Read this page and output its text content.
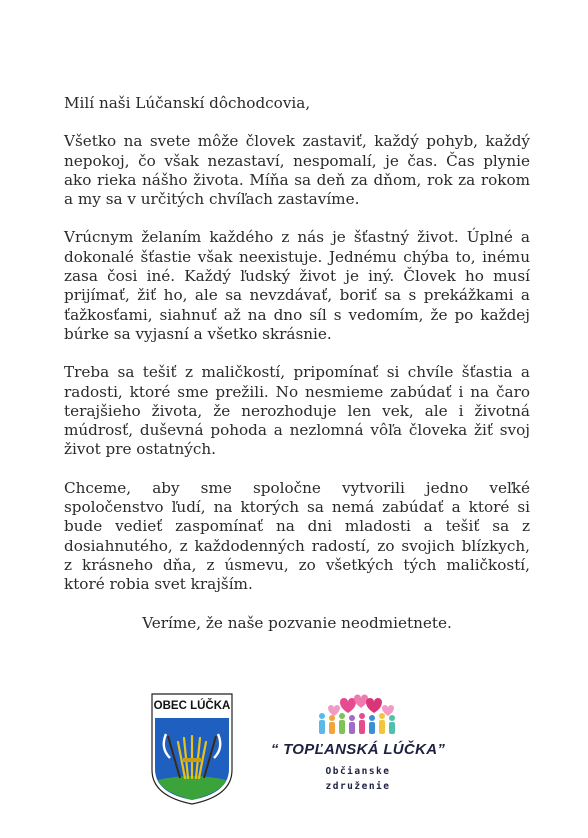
Milí naši Lúčanskí dôchodcovia,

Všetko na svete môže človek zastaviť, každý pohyb, každý nepokoj, čo však nezastaví, nespomalí, je čas. Čas plynie ako rieka nášho života. Míňa sa deň za dňom, rok za rokom a my sa v určitých chvíľach zastavíme.

Vrúcnym želaním každého z nás je šťastný život. Úplné a dokonalé šťastie však neexistuje. Jednému chýba to, inému zasa čosi iné. Každý ľudský život je iný. Človek ho musí prijímať, žiť ho, ale sa nevzdávať, boriť sa s prekážkami a ťažkosťami, siahnuť až na dno síl s vedomím, že po každej búrke sa vyjasní a všetko skrásnie.

Treba sa tešiť z maličkostí, pripomínať si chvíle šťastia a radosti, ktoré sme prežili. No nesmieme zabúdať i na čaro terajšieho života, že nerozhoduje len vek, ale i životná múdrosť, duševná pohoda a nezlomná vôľa človeka žiť svoj život pre ostatných.

Chceme, aby sme spoločne vytvorili jedno veľké spoločenstvo ľudí, na ktorých sa nemá zabúdať a ktoré si bude vedieť zaspomínať na dni mladosti a tešiť sa z dosiahnutého, z každodenných radostí, zo svojich blízkych, z krásneho dňa, z úsmevu, zo všetkých tých maličkostí, ktoré robia svet krajším.

Veríme, že naše pozvanie neodmietnete.

OBEC LÚČKA
“ TOPĽANSKÁ LÚČKA”
Občianske
združenie
